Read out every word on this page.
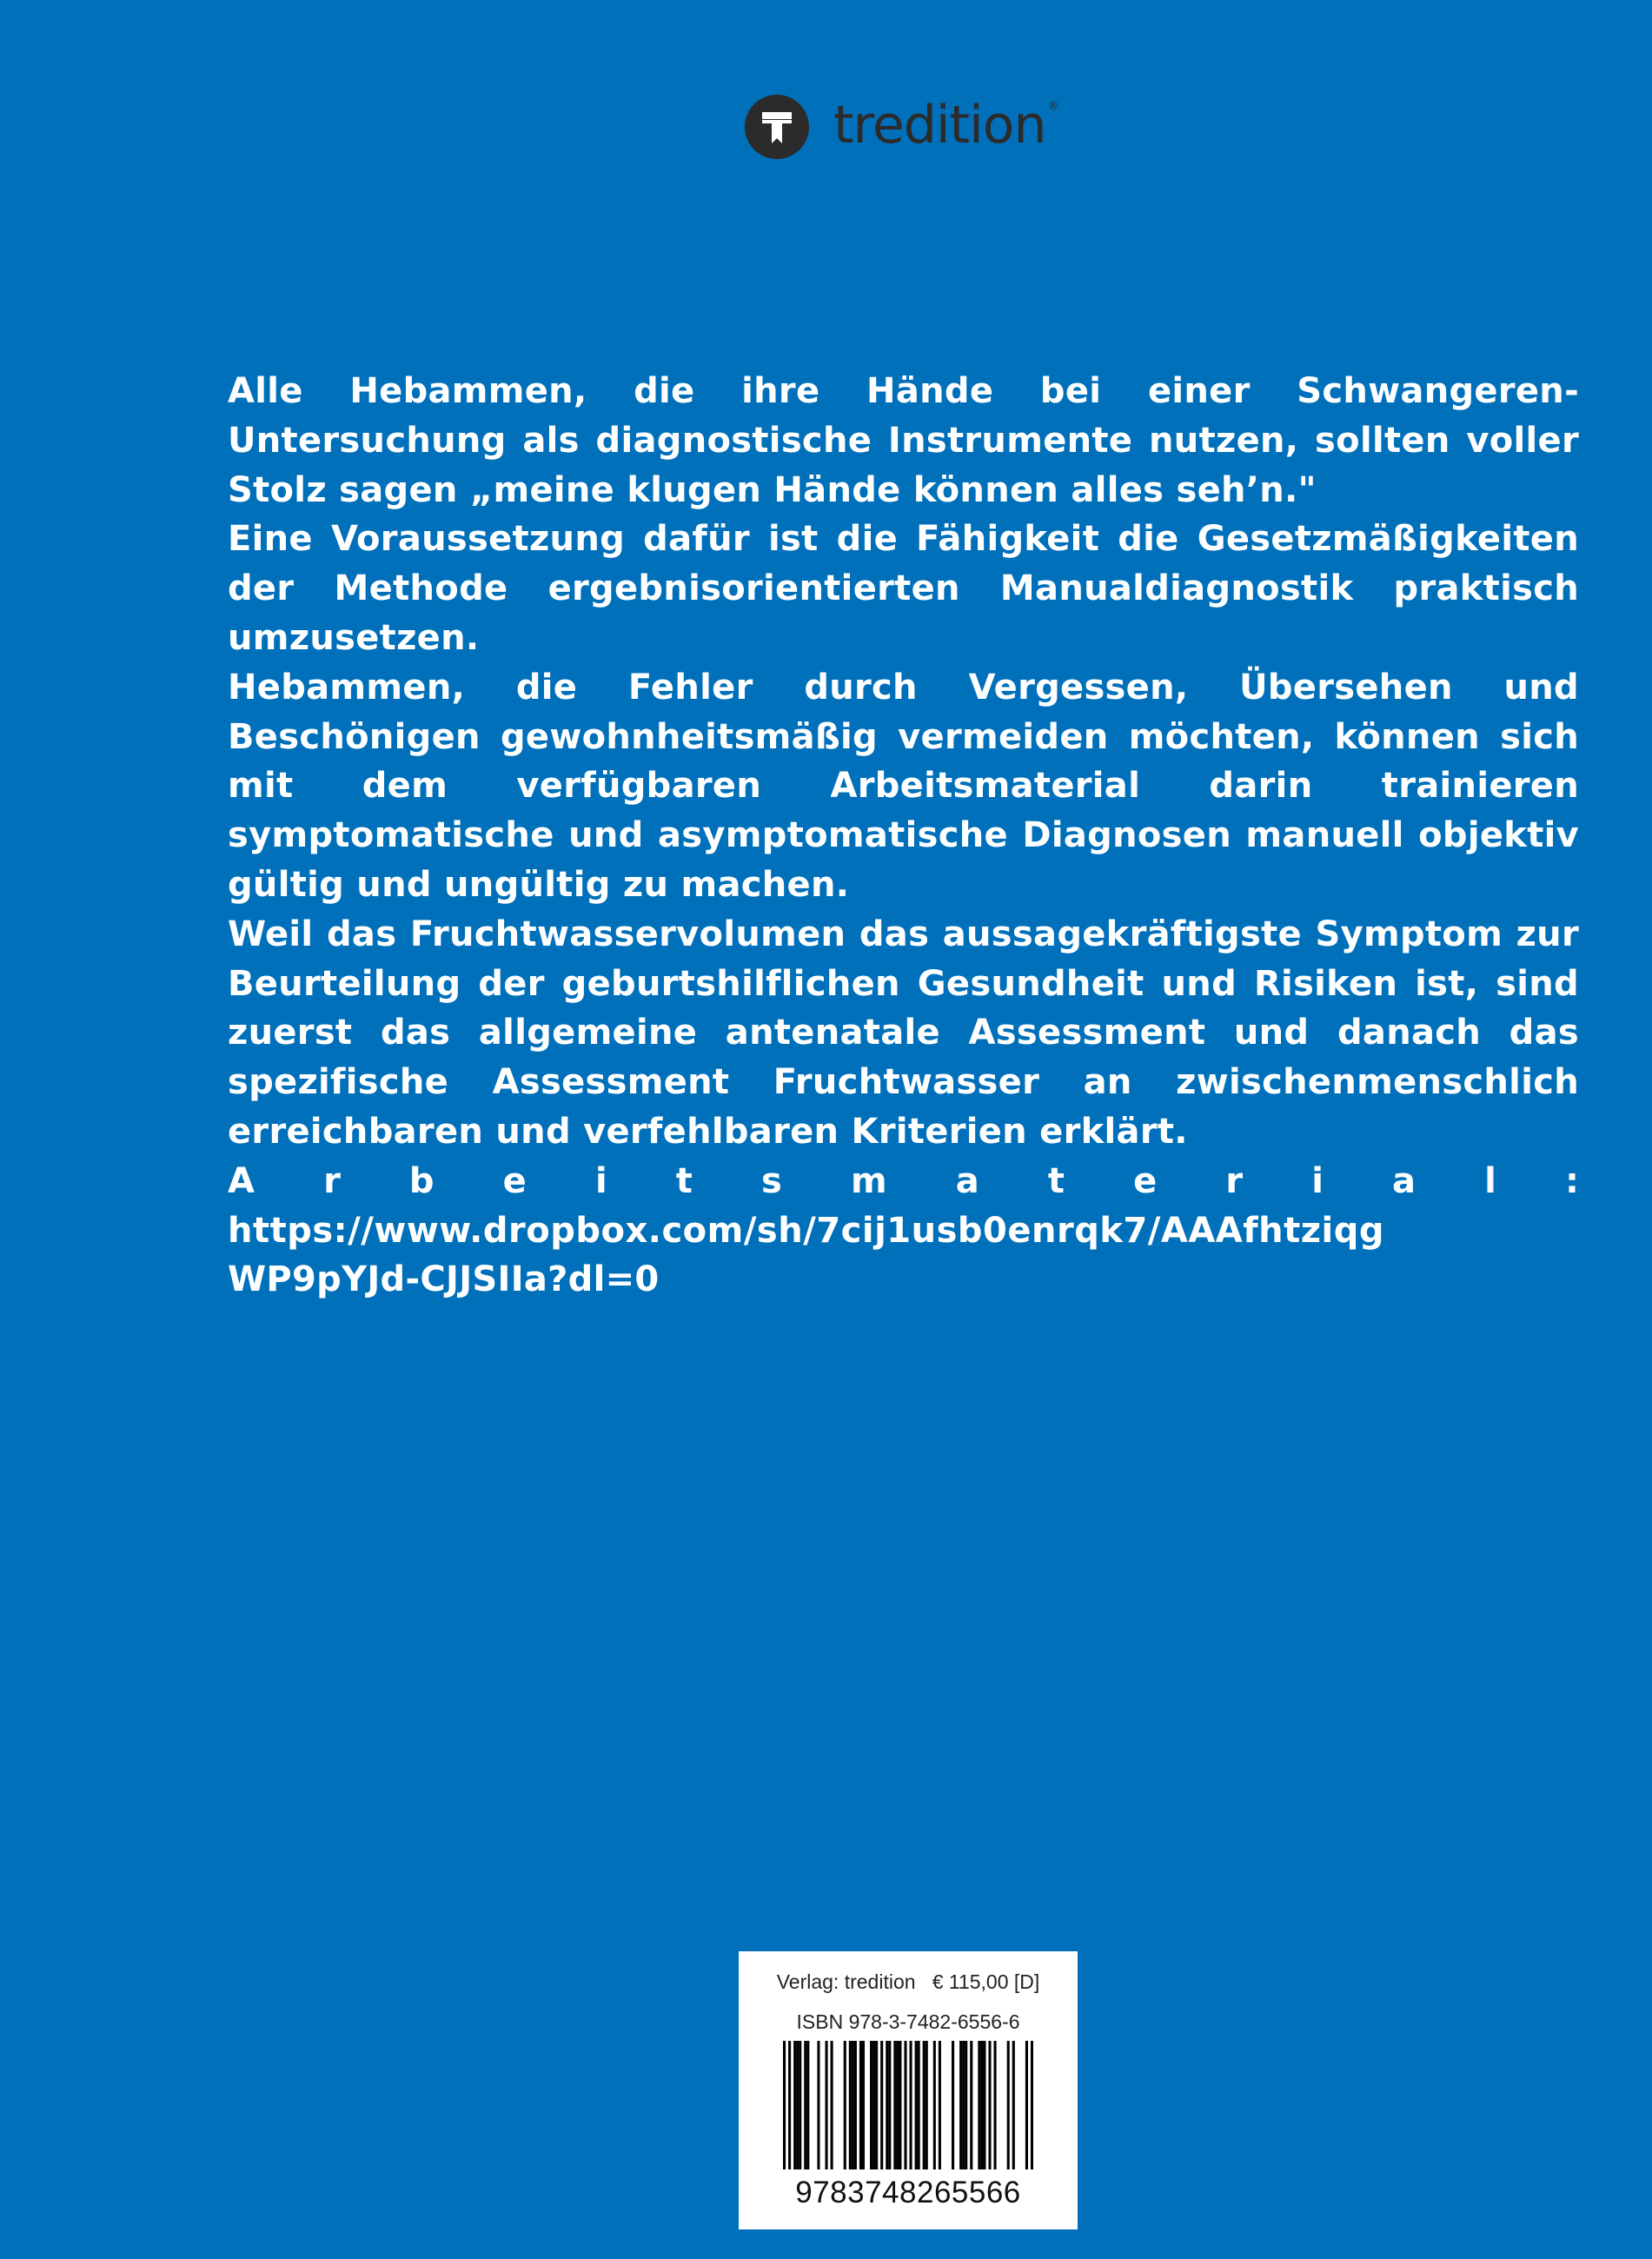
tredition ®

Alle Hebammen, die ihre Hände bei einer Schwangeren-Untersuchung als diagnostische Instrumente nutzen, sollten voller Stolz sagen „meine klugen Hände können alles seh’n."

Eine Voraussetzung dafür ist die Fähigkeit die Gesetzmäßigkeiten der Methode ergebnisorientierten Manualdiagnostik praktisch umzusetzen.

Hebammen, die Fehler durch Vergessen, Übersehen und Beschönigen gewohnheitsmäßig vermeiden möchten, können sich mit dem verfügbaren Arbeitsmaterial darin trainieren symptomatische und asymptomatische Diagnosen manuell objektiv gültig und ungültig zu machen.

Weil das Fruchtwasservolumen das aussagekräftigste Symptom zur Beurteilung der geburtshilflichen Gesundheit und Risiken ist, sind zuerst das allgemeine antenatale Assessment und danach das spezifische Assessment Fruchtwasser an zwischenmenschlich erreichbaren und verfehlbaren Kriterien erklärt.

A r b e i t s m a t e r i a l :

https://www.dropbox.com/sh/7cij1usb0enrqk7/AAAfhtziqg

WP9pYJd-CJJSIIa?dl=0

Verlag: tredition   € 115,00 [D]
ISBN 978-3-7482-6556-6
9783748265566
